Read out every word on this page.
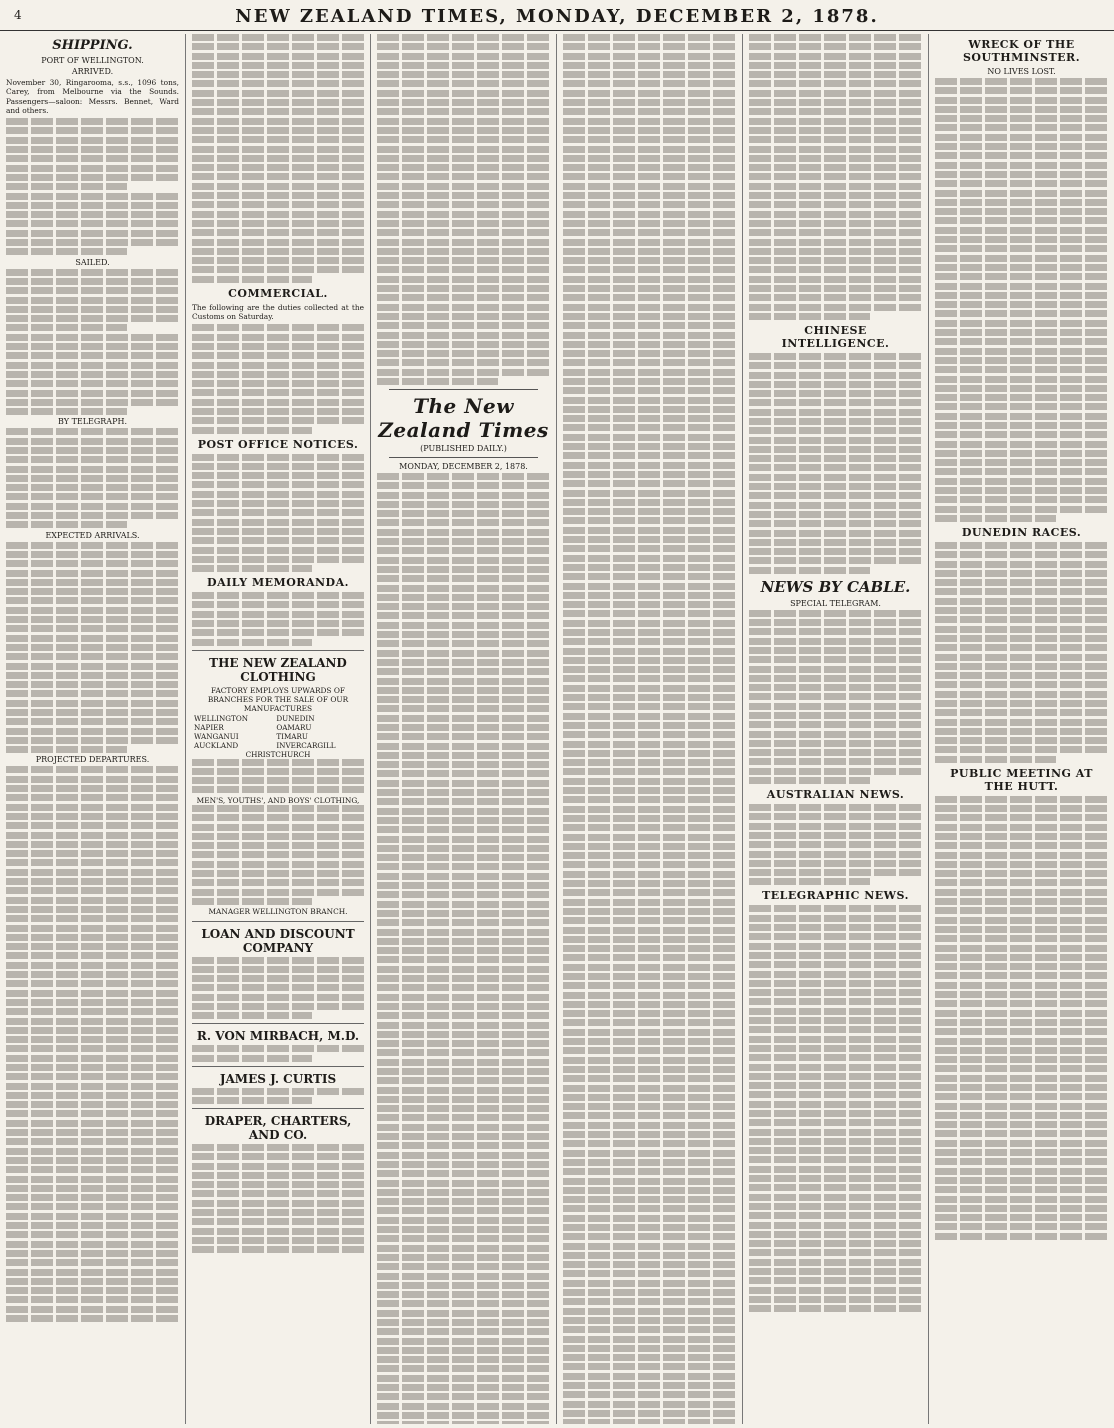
4	NEW ZEALAND TIMES, MONDAY, DECEMBER 2, 1878.
SHIPPING.
PORT OF WELLINGTON.
ARRIVED.
November 30, Ringarooma, s.s., 1096 tons, Carey, from Melbourne via the Sounds. Passengers—saloon: Messrs. Bennet, Ward and others.
SAILED.
BY TELEGRAPH.
EXPECTED ARRIVALS.
PROJECTED DEPARTURES.
COMMERCIAL.
The following are the duties collected at the Customs on Saturday.
POST OFFICE NOTICES.
DAILY MEMORANDA.
THE NEW ZEALAND CLOTHING
FACTORY EMPLOYS UPWARDS OF
BRANCHES FOR THE SALE OF OUR MANUFACTURES
WELLINGTON	DUNEDIN
NAPIER	OAMARU
WANGANUI	TIMARU
AUCKLAND	INVERCARGILL
CHRISTCHURCH	
MEN'S, YOUTHS', AND BOYS' CLOTHING,
MANAGER WELLINGTON BRANCH.
LOAN AND DISCOUNT COMPANY
R. VON MIRBACH, M.D.
JAMES J. CURTIS
DRAPER, CHARTERS, AND CO.
The New Zealand Times
(PUBLISHED DAILY.)
MONDAY, DECEMBER 2, 1878.
CHINESE INTELLIGENCE.
NEWS BY CABLE.
SPECIAL TELEGRAM.
AUSTRALIAN NEWS.
TELEGRAPHIC NEWS.
WRECK OF THE SOUTHMINSTER.
NO LIVES LOST.
DUNEDIN RACES.
PUBLIC MEETING AT THE HUTT.
